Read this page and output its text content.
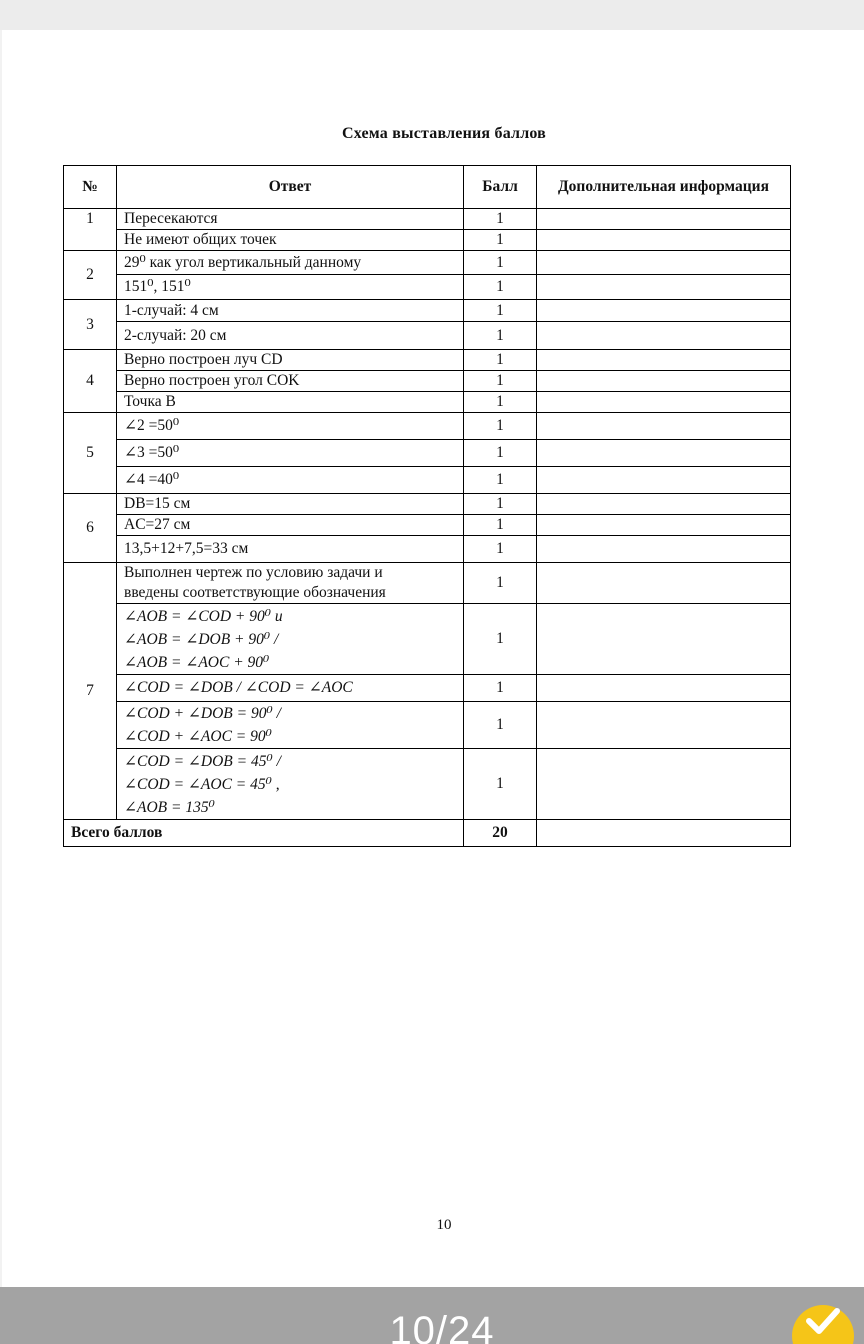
Схема выставления баллов
№	Ответ	Балл	Дополнительная информация
1	Пересекаются	1	
	Не имеют общих точек	1	
2	29⁰ как угол вертикальный данному	1	
	151⁰, 151⁰	1	
3	1-случай: 4 см	1	
	2-случай: 20 см	1	
4	Верно построен луч CD	1	
	Верно построен угол COK	1	
	Точка B	1	
5	∠2 =50⁰	1	
	∠3 =50⁰	1	
	∠4 =40⁰	1	
6	DB=15 см	1	
	AC=27 см	1	
	13,5+12+7,5=33 см	1	
7	Выполнен чертеж по условию задачи и
введены соответствующие обозначения	1	

	∠AOB = ∠COD + 90⁰ и
∠AOB = ∠DOB + 90⁰ /
∠AOB = ∠AOC + 90⁰	1	

	∠COD = ∠DOB / ∠COD = ∠AOC	1	

	∠COD + ∠DOB = 90⁰ /
∠COD + ∠AOC = 90⁰	1	

	∠COD = ∠DOB = 45⁰ /
∠COD = ∠AOC = 45⁰ ,
∠AOB = 135⁰	1	
Всего баллов		20	
10
10/24
